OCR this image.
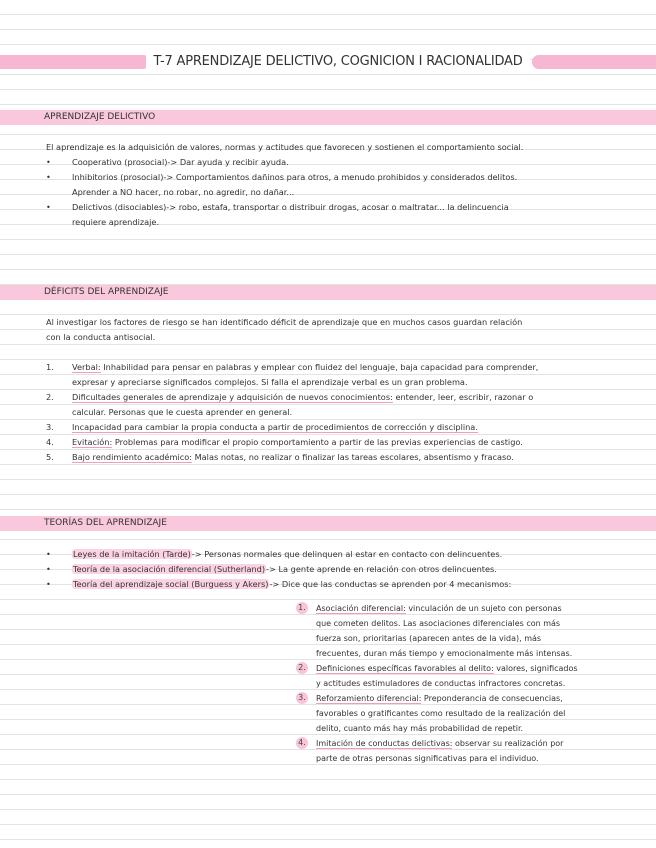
T-7 APRENDIZAJE DELICTIVO, COGNICION I RACIONALIDAD
APRENDIZAJE DELICTIVO
El aprendizaje es la adquisición de valores, normas y actitudes que favorecen y sostienen el comportamiento social.
•	Cooperativo (prosocial)-> Dar ayuda y recibir ayuda.
•	Inhibitorios (prosocial)-> Comportamientos dañinos para otros, a menudo prohibidos y considerados delitos.
Aprender a NO hacer, no robar, no agredir, no dañar...
•	Delictivos (disociables)-> robo, estafa, transportar o distribuir drogas, acosar o maltratar... la delincuencia
requiere aprendizaje.
DÉFICITS DEL APRENDIZAJE
Al investigar los factores de riesgo se han identificado déficit de aprendizaje que en muchos casos guardan relación
con la conducta antisocial.
1.	Verbal: Inhabilidad para pensar en palabras y emplear con fluidez del lenguaje, baja capacidad para comprender,
expresar y apreciarse significados complejos. Si falla el aprendizaje verbal es un gran problema.
2.	Dificultades generales de aprendizaje y adquisición de nuevos conocimientos: entender, leer, escribir, razonar o
calcular. Personas que le cuesta aprender en general.
3.	Incapacidad para cambiar la propia conducta a partir de procedimientos de corrección y disciplina.
4.	Evitación: Problemas para modificar el propio comportamiento a partir de las previas experiencias de castigo.
5.	Bajo rendimiento académico: Malas notas, no realizar o finalizar las tareas escolares, absentismo y fracaso.
TEORÍAS DEL APRENDIZAJE
•	Leyes de la imitación (Tarde)-> Personas normales que delinquen al estar en contacto con delincuentes.
•	Teoría de la asociación diferencial (Sutherland)-> La gente aprende en relación con otros delincuentes.
•	Teoría del aprendizaje social (Burguess y Akers)-> Dice que las conductas se aprenden por 4 mecanismos:
1. Asociación diferencial: vinculación de un sujeto con personas
que cometen delitos. Las asociaciones diferenciales con más
fuerza son, prioritarias (aparecen antes de la vida), más
frecuentes, duran más tiempo y emocionalmente más intensas.
2. Definiciones específicas favorables al delito: valores, significados
y actitudes estimuladores de conductas infractores concretas.
3. Reforzamiento diferencial: Preponderancia de consecuencias,
favorables o gratificantes como resultado de la realización del
delito, cuanto más hay más probabilidad de repetir.
4. Imitación de conductas delictivas: observar su realización por
parte de otras personas significativas para el individuo.
